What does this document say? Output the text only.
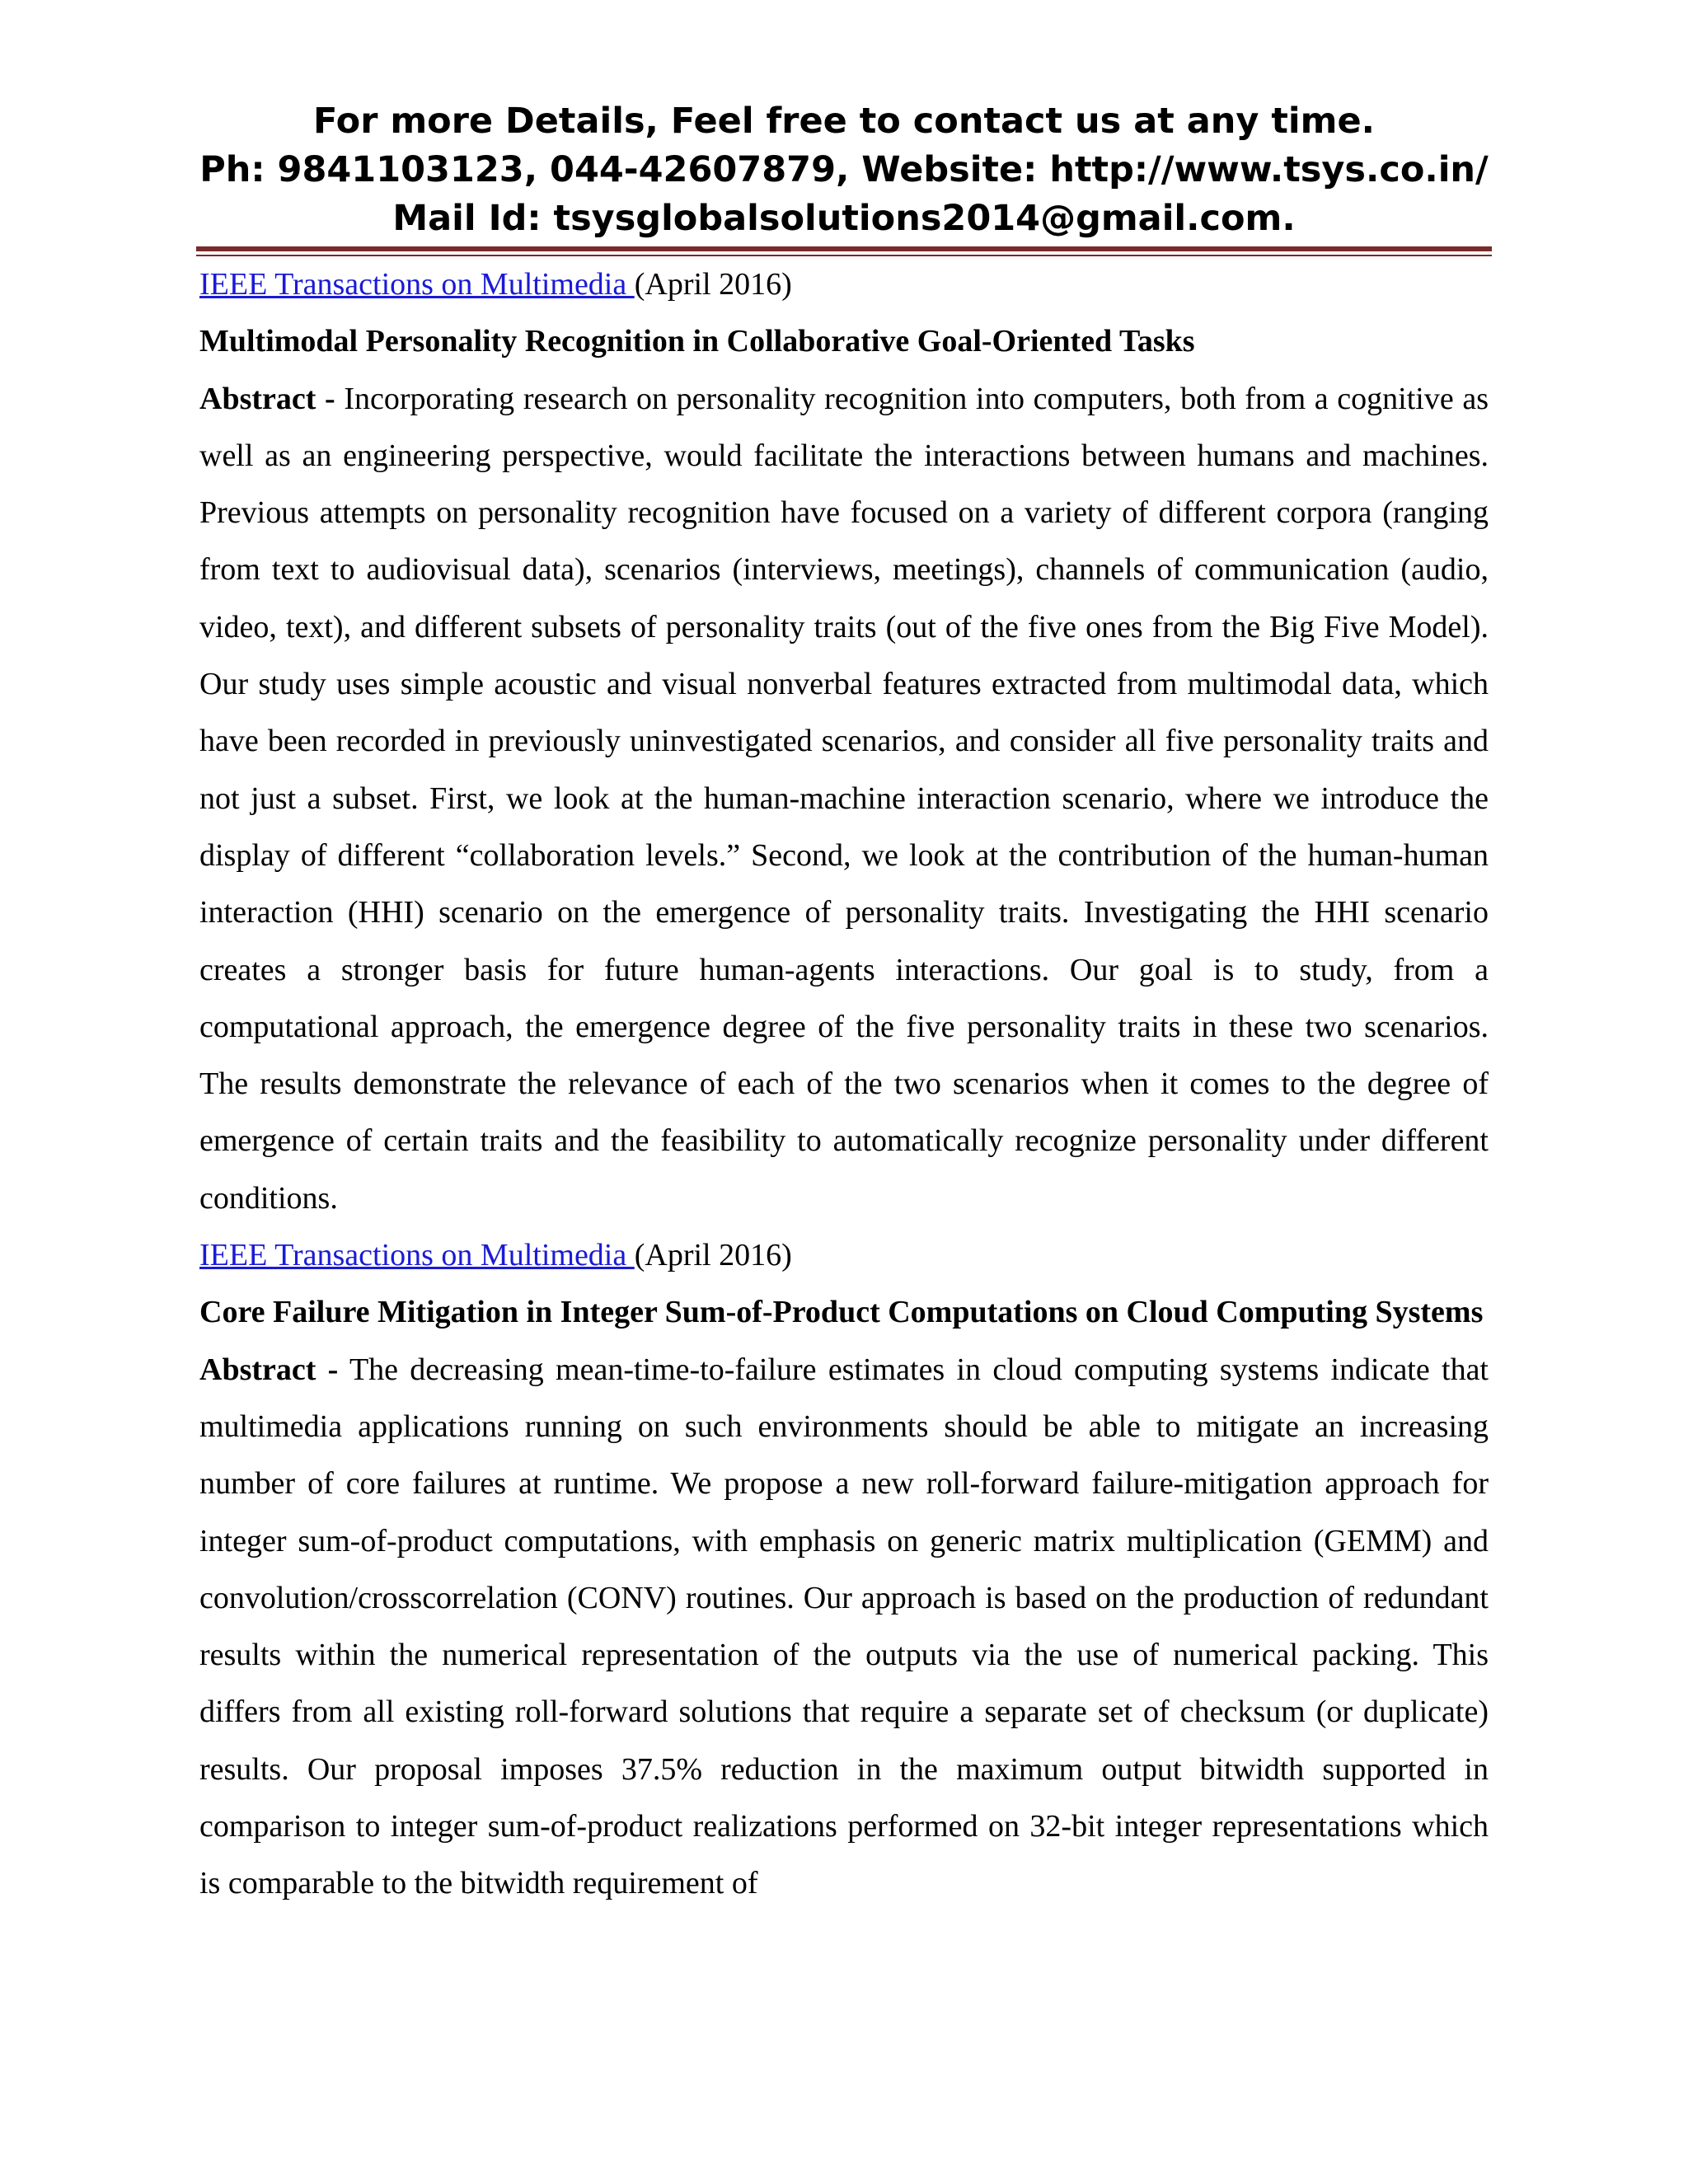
For more Details, Feel free to contact us at any time.
Ph: 9841103123, 044-42607879, Website: http://www.tsys.co.in/
Mail Id: tsysglobalsolutions2014@gmail.com.
IEEE Transactions on Multimedia (April 2016)
Multimodal Personality Recognition in Collaborative Goal-Oriented Tasks
Abstract - Incorporating research on personality recognition into computers, both from a cognitive as well as an engineering perspective, would facilitate the interactions between humans and machines. Previous attempts on personality recognition have focused on a variety of different corpora (ranging from text to audiovisual data), scenarios (interviews, meetings), channels of communication (audio, video, text), and different subsets of personality traits (out of the five ones from the Big Five Model). Our study uses simple acoustic and visual nonverbal features extracted from multimodal data, which have been recorded in previously uninvestigated scenarios, and consider all five personality traits and not just a subset. First, we look at the human-machine interaction scenario, where we introduce the display of different “collaboration levels.” Second, we look at the contribution of the human-human interaction (HHI) scenario on the emergence of personality traits. Investigating the HHI scenario creates a stronger basis for future human-agents interactions. Our goal is to study, from a computational approach, the emergence degree of the five personality traits in these two scenarios. The results demonstrate the relevance of each of the two scenarios when it comes to the degree of emergence of certain traits and the feasibility to automatically recognize personality under different conditions.
IEEE Transactions on Multimedia (April 2016)
Core Failure Mitigation in Integer Sum-of-Product Computations on Cloud Computing Systems
Abstract - The decreasing mean-time-to-failure estimates in cloud computing systems indicate that multimedia applications running on such environments should be able to mitigate an increasing number of core failures at runtime. We propose a new roll-forward failure-mitigation approach for integer sum-of-product computations, with emphasis on generic matrix multiplication (GEMM) and convolution/crosscorrelation (CONV) routines. Our approach is based on the production of redundant results within the numerical representation of the outputs via the use of numerical packing. This differs from all existing roll-forward solutions that require a separate set of checksum (or duplicate) results. Our proposal imposes 37.5% reduction in the maximum output bitwidth supported in comparison to integer sum-of-product realizations performed on 32-bit integer representations which is comparable to the bitwidth requirement of
